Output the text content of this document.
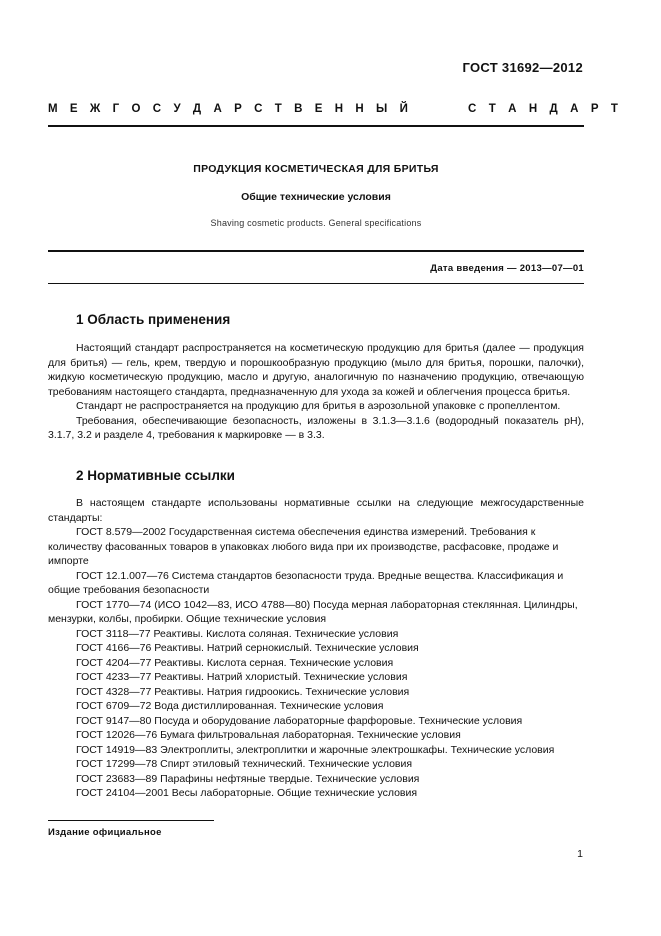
ГОСТ 31692—2012
М Е Ж Г О С У Д А Р С Т В Е Н Н Ы Й	С Т А Н Д А Р Т
ПРОДУКЦИЯ КОСМЕТИЧЕСКАЯ ДЛЯ БРИТЬЯ
Общие технические условия
Shaving cosmetic products. General specifications
Дата введения — 2013—07—01
1 Область применения

Настоящий стандарт распространяется на косметическую продукцию для бритья (далее — продукция для бритья) — гель, крем, твердую и порошкообразную продукцию (мыло для бритья, порошки, палочки), жидкую косметическую продукцию, масло и другую, аналогичную по назначению продукцию, отвечающую требованиям настоящего стандарта, предназначенную для ухода за кожей и облегчения процесса бритья.

Стандарт не распространяется на продукцию для бритья в аэрозольной упаковке с пропеллентом.

Требования, обеспечивающие безопасность, изложены в 3.1.3—3.1.6 (водородный показатель рН), 3.1.7, 3.2 и разделе 4, требования к маркировке — в 3.3.

2 Нормативные ссылки

В настоящем стандарте использованы нормативные ссылки на следующие межгосударственные стандарты:

ГОСТ 8.579—2002 Государственная система обеспечения единства измерений. Требования к количеству фасованных товаров в упаковках любого вида при их производстве, расфасовке, продаже и импорте

ГОСТ 12.1.007—76 Система стандартов безопасности труда. Вредные вещества. Классификация и общие требования безопасности

ГОСТ 1770—74 (ИСО 1042—83, ИСО 4788—80) Посуда мерная лабораторная стеклянная. Цилиндры, мензурки, колбы, пробирки. Общие технические условия

ГОСТ 3118—77 Реактивы. Кислота соляная. Технические условия

ГОСТ 4166—76 Реактивы. Натрий сернокислый. Технические условия

ГОСТ 4204—77 Реактивы. Кислота серная. Технические условия

ГОСТ 4233—77 Реактивы. Натрий хлористый. Технические условия

ГОСТ 4328—77 Реактивы. Натрия гидроокись. Технические условия

ГОСТ 6709—72 Вода дистиллированная. Технические условия

ГОСТ 9147—80 Посуда и оборудование лабораторные фарфоровые. Технические условия

ГОСТ 12026—76 Бумага фильтровальная лабораторная. Технические условия

ГОСТ 14919—83 Электроплиты, электроплитки и жарочные электрошкафы. Технические условия

ГОСТ 17299—78 Спирт этиловый технический. Технические условия

ГОСТ 23683—89 Парафины нефтяные твердые. Технические условия

ГОСТ 24104—2001 Весы лабораторные. Общие технические условия

Издание официальное
1
